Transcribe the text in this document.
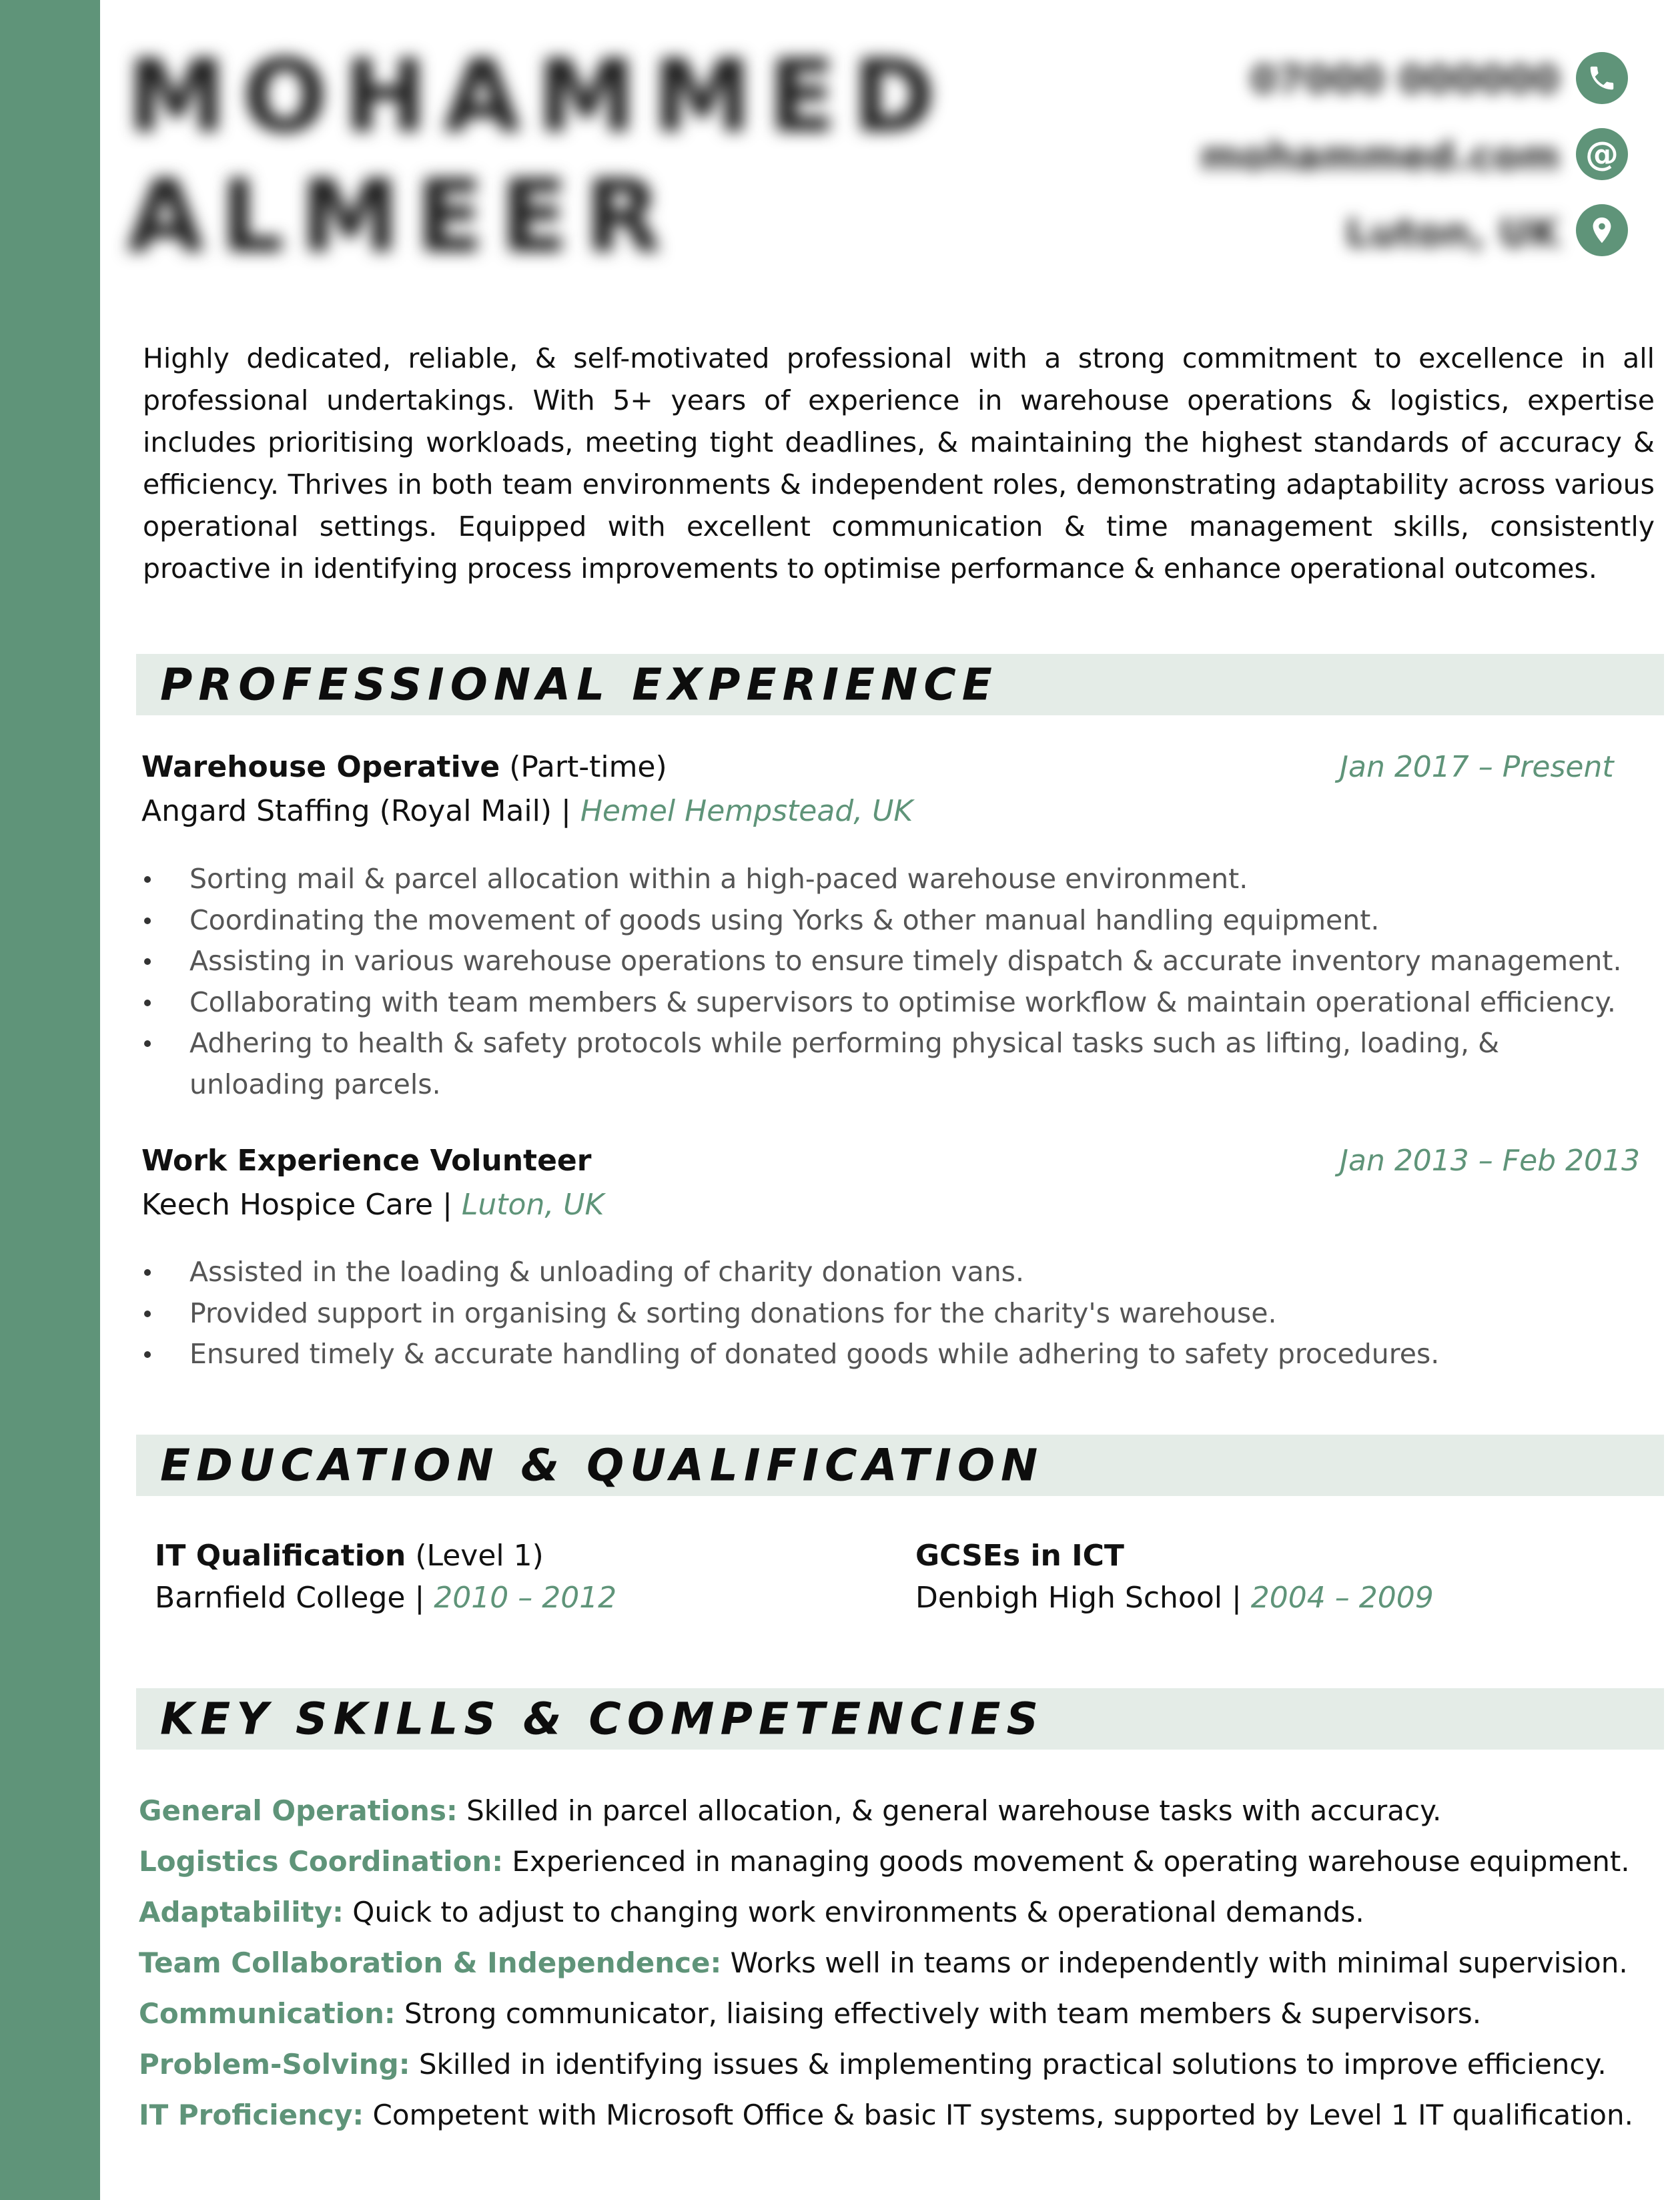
MOHAMMED
ALMEER
07000 000000
mohammed.com
Luton, UK
@
Highly dedicated, reliable, & self-motivated professional with a strong commitment to excellence in all professional undertakings. With 5+ years of experience in warehouse operations & logistics, expertise includes prioritising workloads, meeting tight deadlines, & maintaining the highest standards of accuracy & efficiency. Thrives in both team environments & independent roles, demonstrating adaptability across various operational settings. Equipped with excellent communication & time management skills, consistently proactive in identifying process improvements to optimise performance & enhance operational outcomes.
PROFESSIONAL EXPERIENCE
Warehouse Operative (Part-time)	Jan 2017 – Present
Angard Staffing (Royal Mail) | Hemel Hempstead, UK
Sorting mail & parcel allocation within a high-paced warehouse environment.
Coordinating the movement of goods using Yorks & other manual handling equipment.
Assisting in various warehouse operations to ensure timely dispatch & accurate inventory management.
Collaborating with team members & supervisors to optimise workflow & maintain operational efficiency.
Adhering to health & safety protocols while performing physical tasks such as lifting, loading, & unloading parcels.
Work Experience Volunteer	Jan 2013 – Feb 2013
Keech Hospice Care | Luton, UK
Assisted in the loading & unloading of charity donation vans.
Provided support in organising & sorting donations for the charity's warehouse.
Ensured timely & accurate handling of donated goods while adhering to safety procedures.
EDUCATION & QUALIFICATION
IT Qualification (Level 1)
Barnfield College | 2010 – 2012
GCSEs in ICT
Denbigh High School | 2004 – 2009
KEY SKILLS & COMPETENCIES
General Operations: Skilled in parcel allocation, & general warehouse tasks with accuracy.
Logistics Coordination: Experienced in managing goods movement & operating warehouse equipment.
Adaptability: Quick to adjust to changing work environments & operational demands.
Team Collaboration & Independence: Works well in teams or independently with minimal supervision.
Communication: Strong communicator, liaising effectively with team members & supervisors.
Problem-Solving: Skilled in identifying issues & implementing practical solutions to improve efficiency.
IT Proficiency: Competent with Microsoft Office & basic IT systems, supported by Level 1 IT qualification.
